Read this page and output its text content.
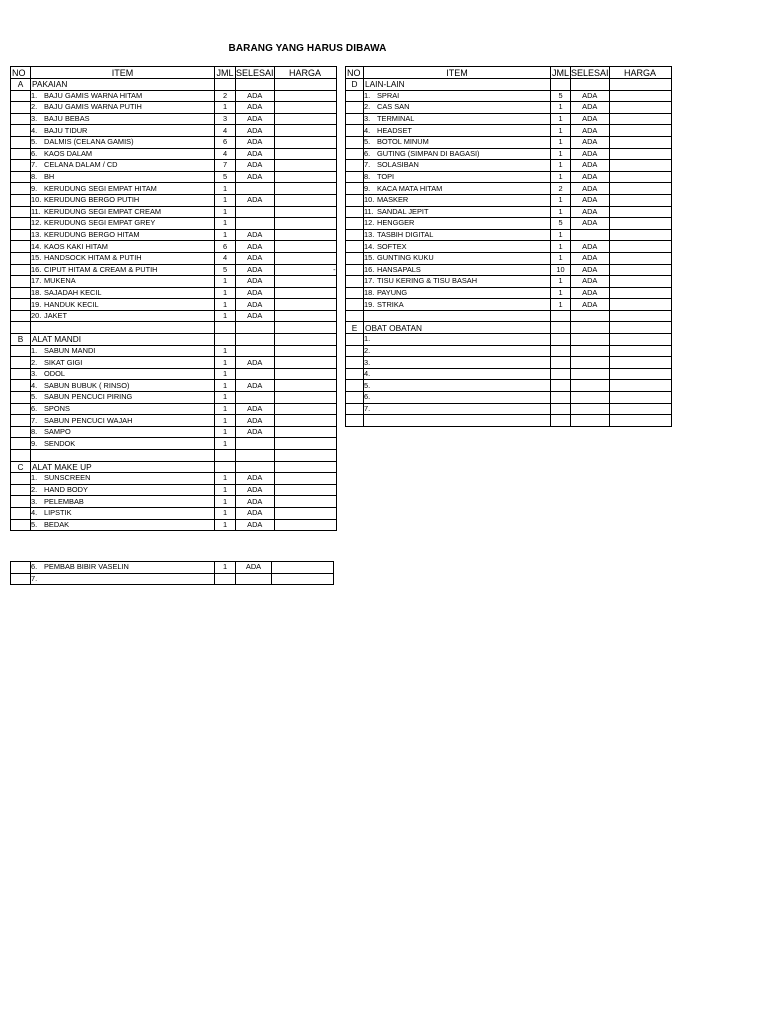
BARANG YANG HARUS DIBAWA
NO	ITEM	JML	SELESAI	HARGA
A	PAKAIAN			
	1. BAJU GAMIS WARNA HITAM	2	ADA	
	2. BAJU GAMIS WARNA PUTIH	1	ADA	
	3. BAJU BEBAS	3	ADA	
	4. BAJU TIDUR	4	ADA	
	5. DALMIS (CELANA GAMIS)	6	ADA	
	6. KAOS DALAM	4	ADA	
	7. CELANA DALAM / CD	7	ADA	
	8. BH	5	ADA	
	9. KERUDUNG SEGI EMPAT HITAM	1		
	10. KERUDUNG BERGO PUTIH	1	ADA	
	11. KERUDUNG SEGI EMPAT CREAM	1		
	12. KERUDUNG SEGI EMPAT GREY	1		
	13. KERUDUNG BERGO HITAM	1	ADA	
	14. KAOS KAKI HITAM	6	ADA	
	15. HANDSOCK HITAM & PUTIH	4	ADA	
	16. CIPUT HITAM & CREAM & PUTIH	5	ADA	-
	17. MUKENA	1	ADA	
	18. SAJADAH KECIL	1	ADA	
	19. HANDUK KECIL	1	ADA	
	20. JAKET	1	ADA	

B	ALAT MANDI			
	1. SABUN MANDI	1		
	2. SIKAT GIGI	1	ADA	
	3. ODOL	1		
	4. SABUN BUBUK ( RINSO)	1	ADA	
	5. SABUN PENCUCI PIRING	1		
	6. SPONS	1	ADA	
	7. SABUN PENCUCI WAJAH	1	ADA	
	8. SAMPO	1	ADA	
	9. SENDOK	1		

C	ALAT MAKE UP			
	1. SUNSCREEN	1	ADA	
	2. HAND BODY	1	ADA	
	3. PELEMBAB	1	ADA	
	4. LIPSTIK	1	ADA	
	5. BEDAK	1	ADA	
NO	ITEM	JML	SELESAI	HARGA
D	LAIN-LAIN			
	1. SPRAI	5	ADA	
	2. CAS SAN	1	ADA	
	3. TERMINAL	1	ADA	
	4. HEADSET	1	ADA	
	5. BOTOL MINUM	1	ADA	
	6. GUTING (SIMPAN DI BAGASI)	1	ADA	
	7. SOLASIBAN	1	ADA	
	8. TOPI	1	ADA	
	9. KACA MATA HITAM	2	ADA	
	10. MASKER	1	ADA	
	11. SANDAL JEPIT	1	ADA	
	12. HENGGER	5	ADA	
	13. TASBIH DIGITAL	1		
	14. SOFTEX	1	ADA	
	15. GUNTING KUKU	1	ADA	
	16. HANSAPALS	10	ADA	
	17. TISU KERING & TISU BASAH	1	ADA	
	18. PAYUNG	1	ADA	
	19. STRIKA	1	ADA	

E	OBAT OBATAN			
	1.			
	2.			
	3.			
	4.			
	5.			
	6.			
	7.			

	6. PEMBAB BIBIR VASELIN	1	ADA	
	7.			
